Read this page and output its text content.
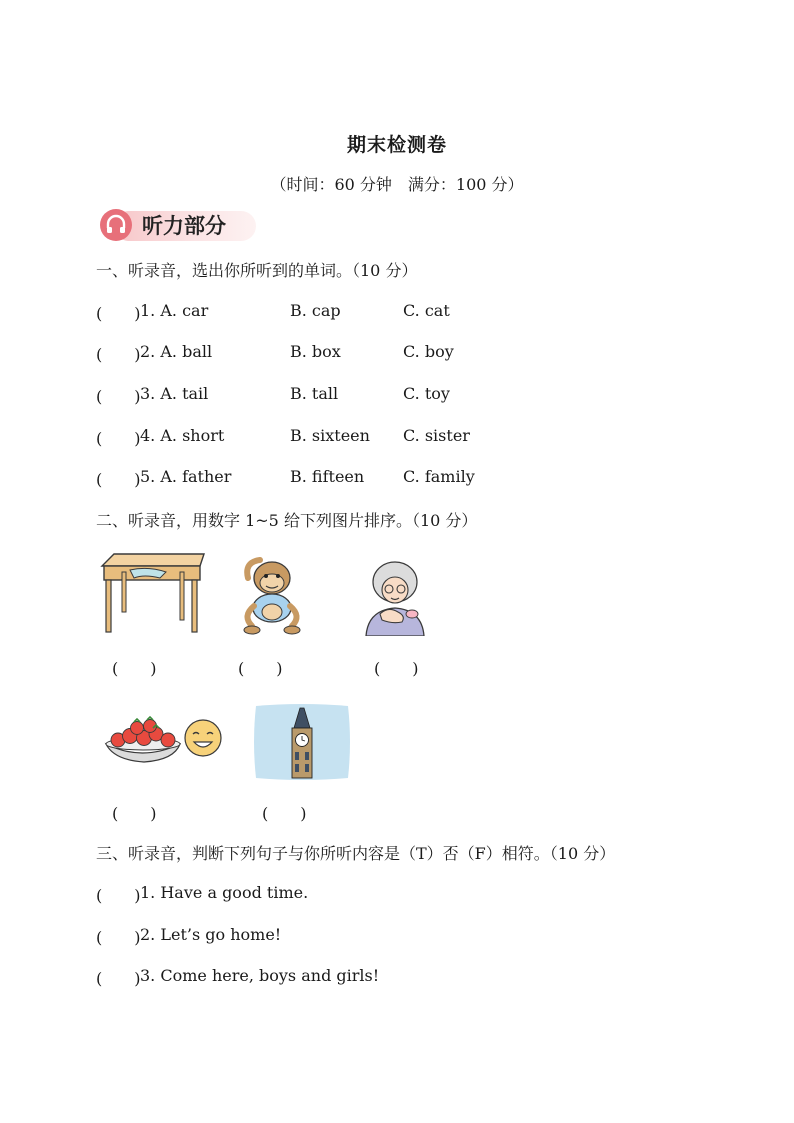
期末检测卷
（时间：60 分钟　满分：100 分）
听力部分
一、听录音，选出你所听到的单词。（10 分）
(　　) 1. A. car	B. cap	C. cat
(　　) 2. A. ball	B. box	C. boy
(　　) 3. A. tail	B. tall	C. toy
(　　) 4. A. short	B. sixteen C. sister
(　　) 5. A. father	B. fifteen C. family
二、听录音，用数字 1~5 给下列图片排序。（10 分）
(　　)	(　　)	(　　)
(　　)	(　　)
三、听录音，判断下列句子与你所听内容是（T）否（F）相符。（10 分）
(　　) 1. Have a good time.
(　　) 2. Let’s go home!
(　　) 3. Come here, boys and girls!
